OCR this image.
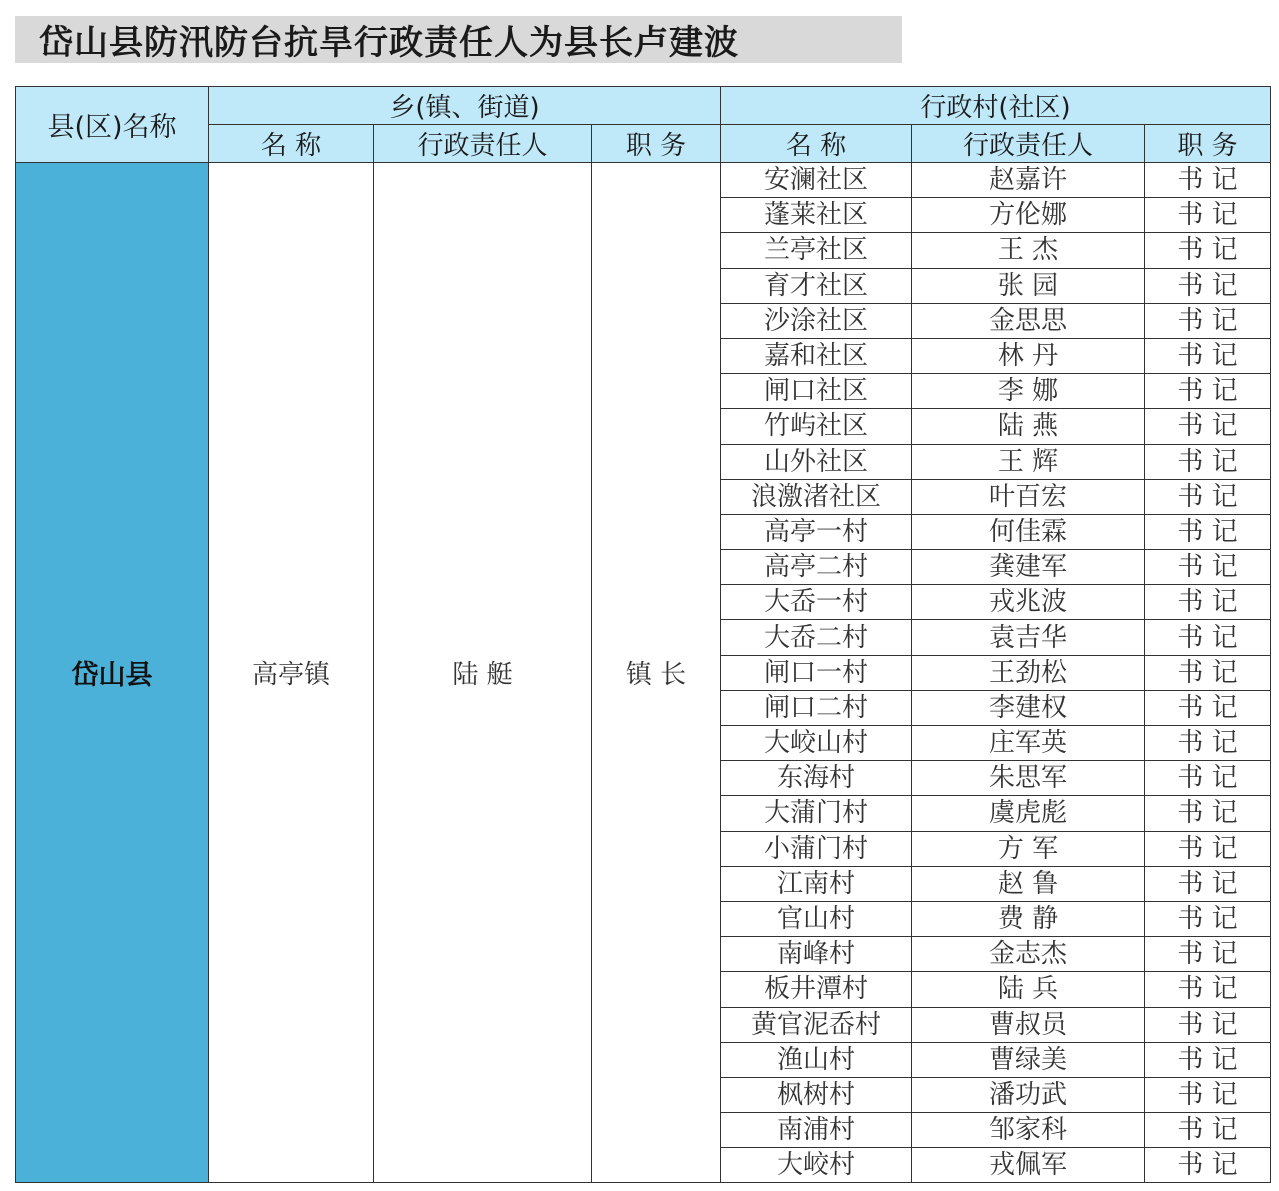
岱山县防汛防台抗旱行政责任人为县长卢建波
县(区)名称	乡(镇、街道)			行政村(社区)		
	名 称	行政责任人	职 务	名 称	行政责任人	职 务
岱山县	高亭镇	陆 艇	镇 长	安澜社区	赵嘉许	书 记
				蓬莱社区	方伦娜	书 记
				兰亭社区	王 杰	书 记
				育才社区	张 园	书 记
				沙涂社区	金思思	书 记
				嘉和社区	林 丹	书 记
				闸口社区	李 娜	书 记
				竹屿社区	陆 燕	书 记
				山外社区	王 辉	书 记
				浪激渚社区	叶百宏	书 记
				高亭一村	何佳霖	书 记
				高亭二村	龚建军	书 记
				大岙一村	戎兆波	书 记
				大岙二村	袁吉华	书 记
				闸口一村	王劲松	书 记
				闸口二村	李建权	书 记
				大峧山村	庄军英	书 记
				东海村	朱思军	书 记
				大蒲门村	虞虎彪	书 记
				小蒲门村	方 军	书 记
				江南村	赵 鲁	书 记
				官山村	费 静	书 记
				南峰村	金志杰	书 记
				板井潭村	陆 兵	书 记
				黄官泥岙村	曹叔员	书 记
				渔山村	曹绿美	书 记
				枫树村	潘功武	书 记
				南浦村	邹家科	书 记
				大峧村	戎佩军	书 记
